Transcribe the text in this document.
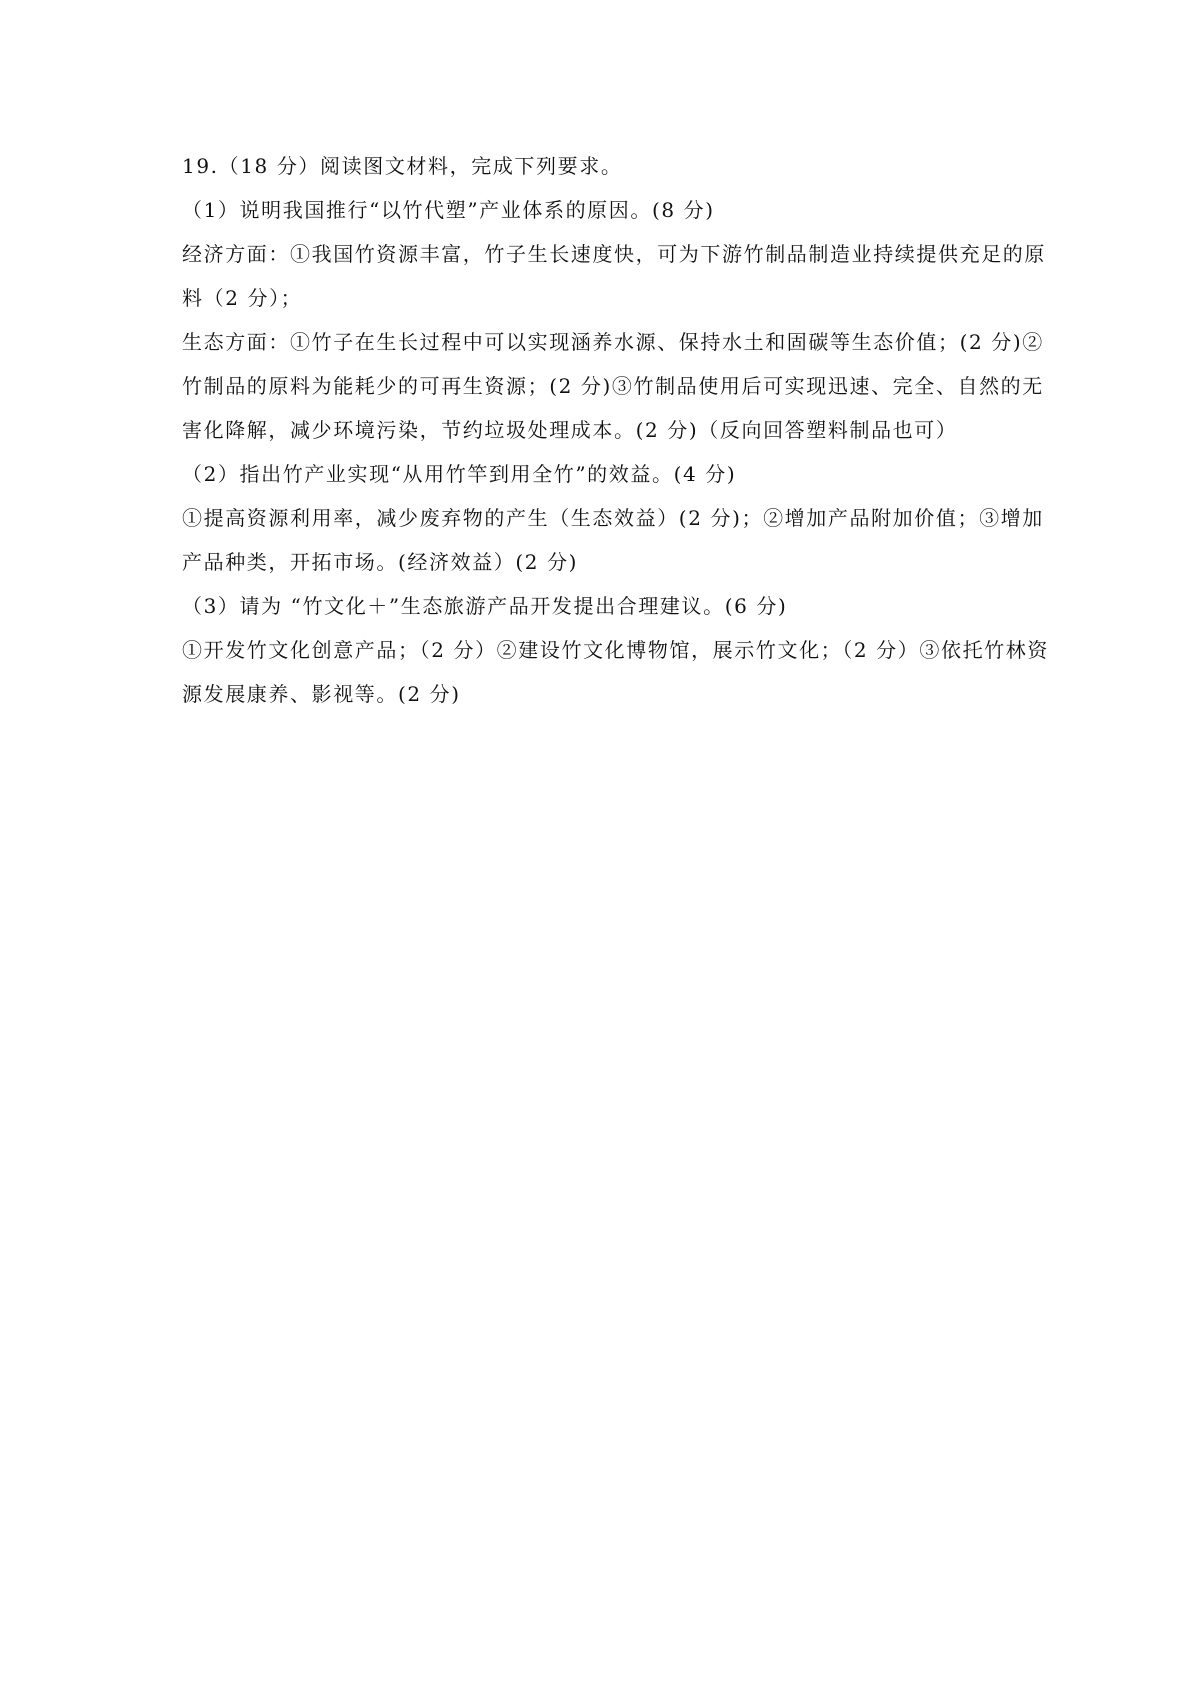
19.（18 分）阅读图文材料，完成下列要求。
（1）说明我国推行“以竹代塑”产业体系的原因。(8 分)
经济方面：①我国竹资源丰富，竹子生长速度快，可为下游竹制品制造业持续提供充足的原
料（2 分）；
生态方面：①竹子在生长过程中可以实现涵养水源、保持水土和固碳等生态价值；(2 分)②
竹制品的原料为能耗少的可再生资源；(2 分)③竹制品使用后可实现迅速、完全、自然的无
害化降解，减少环境污染，节约垃圾处理成本。(2 分)（反向回答塑料制品也可）
（2）指出竹产业实现“从用竹竿到用全竹”的效益。(4 分)
①提高资源利用率，减少废弃物的产生（生态效益）(2 分)；②增加产品附加价值；③增加
产品种类，开拓市场。(经济效益）(2 分)
（3）请为 “竹文化＋”生态旅游产品开发提出合理建议。(6 分)
①开发竹文化创意产品；（2 分）②建设竹文化博物馆，展示竹文化；（2 分）③依托竹林资
源发展康养、影视等。(2 分)
